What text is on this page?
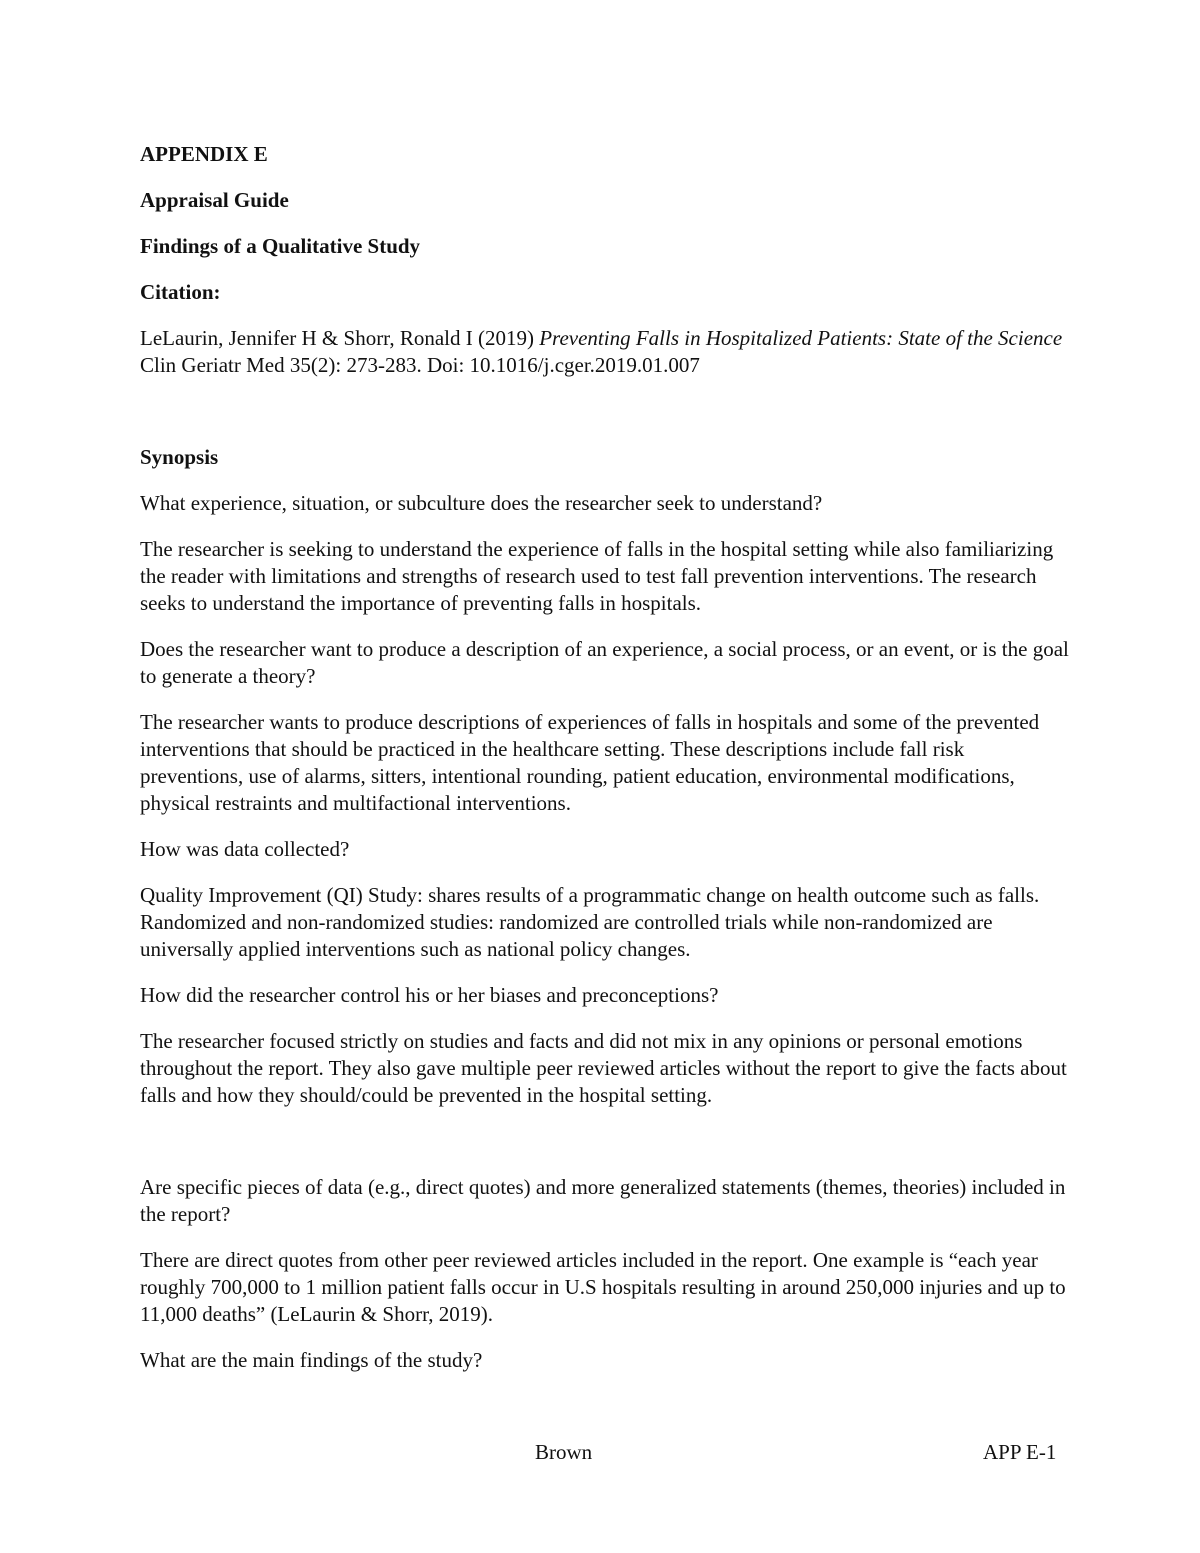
APPENDIX E
Appraisal Guide
Findings of a Qualitative Study
Citation:

LeLaurin, Jennifer H & Shorr, Ronald I (2019) Preventing Falls in Hospitalized Patients: State of the Science Clin Geriatr Med 35(2): 273-283. Doi: 10.1016/j.cger.2019.01.007

Synopsis

What experience, situation, or subculture does the researcher seek to understand?

The researcher is seeking to understand the experience of falls in the hospital setting while also familiarizing the reader with limitations and strengths of research used to test fall prevention interventions. The research seeks to understand the importance of preventing falls in hospitals.

Does the researcher want to produce a description of an experience, a social process, or an event, or is the goal to generate a theory?

The researcher wants to produce descriptions of experiences of falls in hospitals and some of the prevented interventions that should be practiced in the healthcare setting. These descriptions include fall risk preventions, use of alarms, sitters, intentional rounding, patient education, environmental modifications, physical restraints and multifactional interventions.

How was data collected?

Quality Improvement (QI) Study: shares results of a programmatic change on health outcome such as falls. Randomized and non-randomized studies: randomized are controlled trials while non-randomized are universally applied interventions such as national policy changes.

How did the researcher control his or her biases and preconceptions?

The researcher focused strictly on studies and facts and did not mix in any opinions or personal emotions throughout the report. They also gave multiple peer reviewed articles without the report to give the facts about falls and how they should/could be prevented in the hospital setting.

Are specific pieces of data (e.g., direct quotes) and more generalized statements (themes, theories) included in the report?

There are direct quotes from other peer reviewed articles included in the report. One example is “each year roughly 700,000 to 1 million patient falls occur in U.S hospitals resulting in around 250,000 injuries and up to 11,000 deaths” (LeLaurin & Shorr, 2019).

What are the main findings of the study?

Brown	APP E-1
